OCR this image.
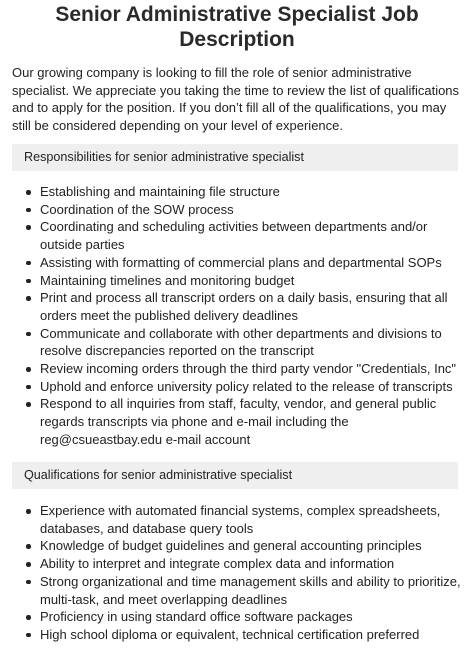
Senior Administrative Specialist Job Description

Our growing company is looking to fill the role of senior administrative specialist. We appreciate you taking the time to review the list of qualifications and to apply for the position. If you don’t fill all of the qualifications, you may still be considered depending on your level of experience.

Responsibilities for senior administrative specialist
Establishing and maintaining file structure
Coordination of the SOW process
Coordinating and scheduling activities between departments and/or outside parties
Assisting with formatting of commercial plans and departmental SOPs
Maintaining timelines and monitoring budget
Print and process all transcript orders on a daily basis, ensuring that all orders meet the published delivery deadlines
Communicate and collaborate with other departments and divisions to resolve discrepancies reported on the transcript
Review incoming orders through the third party vendor "Credentials, Inc"
Uphold and enforce university policy related to the release of transcripts
Respond to all inquiries from staff, faculty, vendor, and general public regards transcripts via phone and e-mail including the reg@csueastbay.edu e-mail account
Qualifications for senior administrative specialist
Experience with automated financial systems, complex spreadsheets, databases, and database query tools
Knowledge of budget guidelines and general accounting principles
Ability to interpret and integrate complex data and information
Strong organizational and time management skills and ability to prioritize, multi-task, and meet overlapping deadlines
Proficiency in using standard office software packages
High school diploma or equivalent, technical certification preferred
